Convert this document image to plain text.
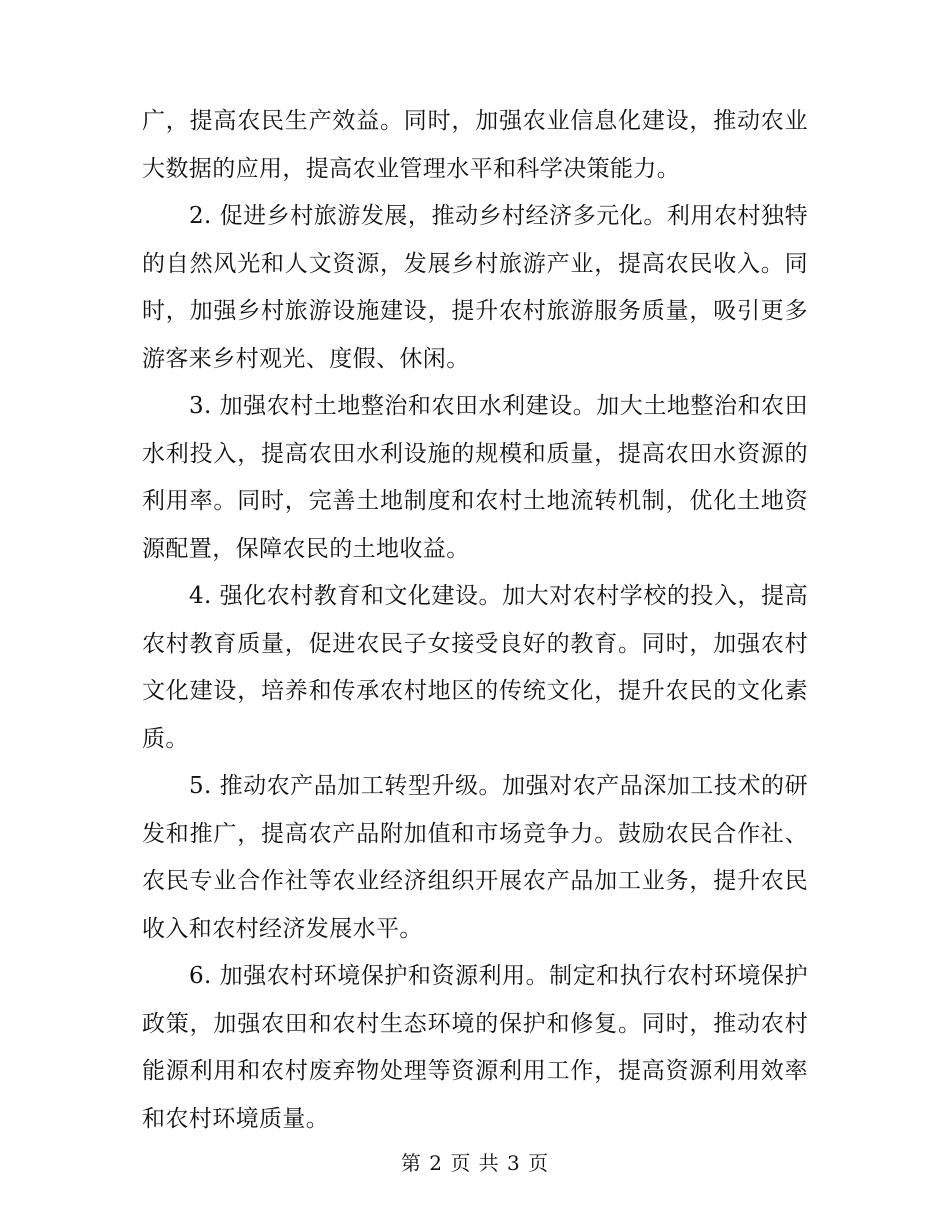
广，提高农民生产效益。同时，加强农业信息化建设，推动农业大数据的应用，提高农业管理水平和科学决策能力。

2. 促进乡村旅游发展，推动乡村经济多元化。利用农村独特的自然风光和人文资源，发展乡村旅游产业，提高农民收入。同时，加强乡村旅游设施建设，提升农村旅游服务质量，吸引更多游客来乡村观光、度假、休闲。

3. 加强农村土地整治和农田水利建设。加大土地整治和农田水利投入，提高农田水利设施的规模和质量，提高农田水资源的利用率。同时，完善土地制度和农村土地流转机制，优化土地资源配置，保障农民的土地收益。

4. 强化农村教育和文化建设。加大对农村学校的投入，提高农村教育质量，促进农民子女接受良好的教育。同时，加强农村文化建设，培养和传承农村地区的传统文化，提升农民的文化素质。

5. 推动农产品加工转型升级。加强对农产品深加工技术的研发和推广，提高农产品附加值和市场竞争力。鼓励农民合作社、农民专业合作社等农业经济组织开展农产品加工业务，提升农民收入和农村经济发展水平。

6. 加强农村环境保护和资源利用。制定和执行农村环境保护政策，加强农田和农村生态环境的保护和修复。同时，推动农村能源利用和农村废弃物处理等资源利用工作，提高资源利用效率和农村环境质量。

第 2 页 共 3 页
